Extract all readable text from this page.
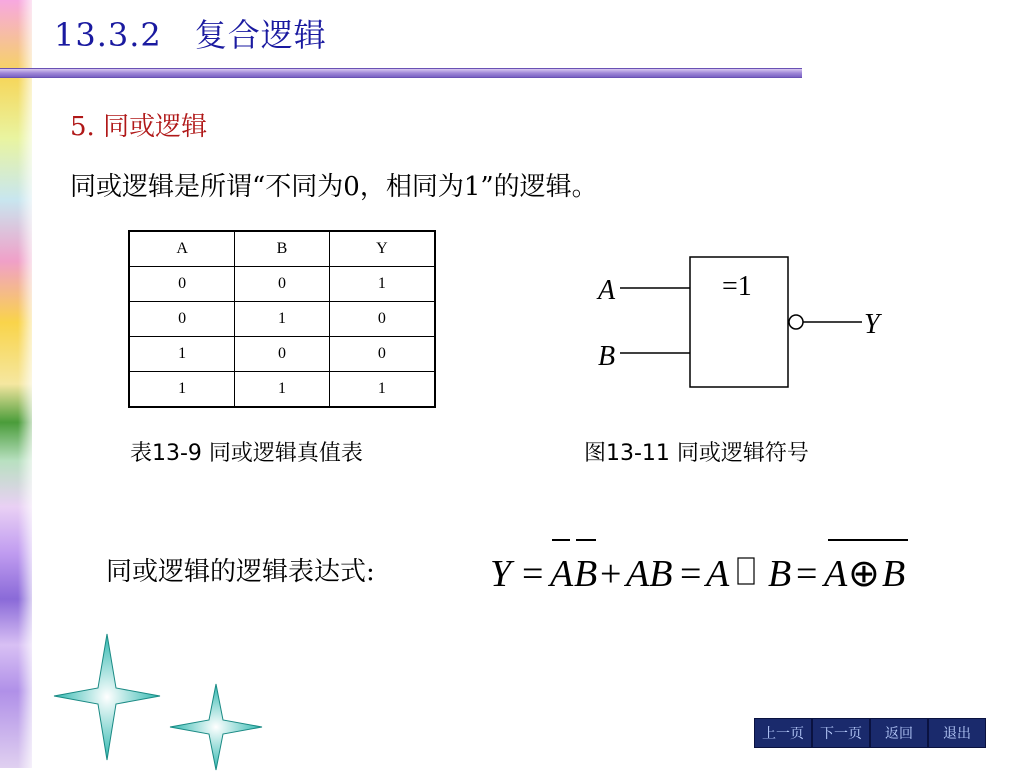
13.3.2　复合逻辑
5. 同或逻辑
同或逻辑是所谓“不同为0，相同为1”的逻辑。
A	B	Y
0	0	1
0	1	0
1	0	0
1	1	1
表13-9 同或逻辑真值表
=1
A
B
Y
图13-11 同或逻辑符号
同或逻辑的逻辑表达式:	Y = A B + AB = A B = A ⊕ B
上一页	下一页	返回	退出
